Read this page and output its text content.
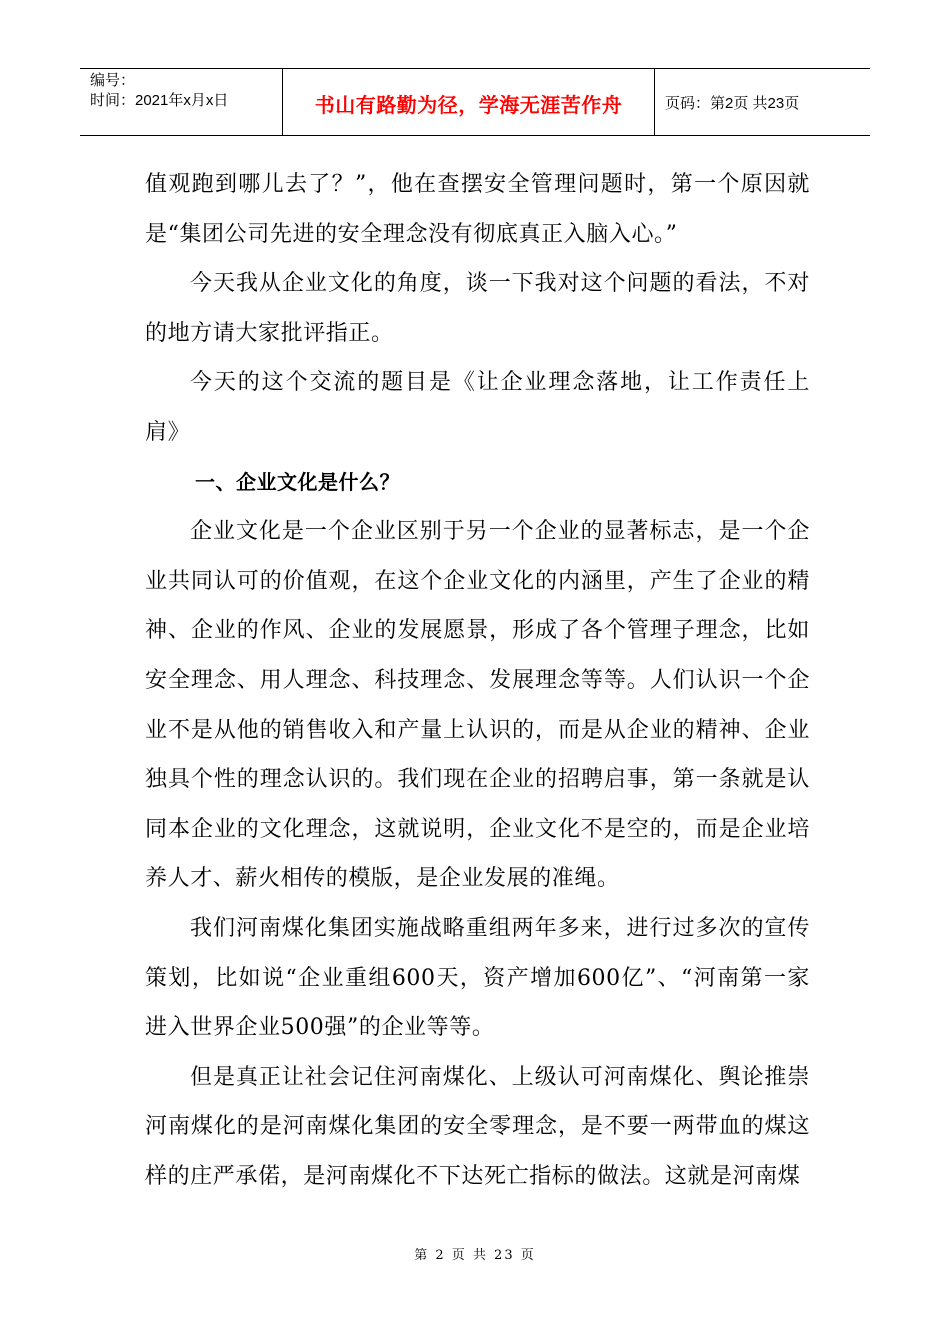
编号：
时间：2021年x月x日	书山有路勤为径，学海无涯苦作舟	页码：第2页 共23页

值观跑到哪儿去了？”，他在查摆安全管理问题时，第一个原因就是“集团公司先进的安全理念没有彻底真正入脑入心。”

今天我从企业文化的角度，谈一下我对这个问题的看法，不对的地方请大家批评指正。

今天的这个交流的题目是《让企业理念落地，让工作责任上肩》

一、企业文化是什么？

企业文化是一个企业区别于另一个企业的显著标志，是一个企业共同认可的价值观，在这个企业文化的内涵里，产生了企业的精神、企业的作风、企业的发展愿景，形成了各个管理子理念，比如安全理念、用人理念、科技理念、发展理念等等。人们认识一个企业不是从他的销售收入和产量上认识的，而是从企业的精神、企业独具个性的理念认识的。我们现在企业的招聘启事，第一条就是认同本企业的文化理念，这就说明，企业文化不是空的，而是企业培养人才、薪火相传的模版，是企业发展的准绳。

我们河南煤化集团实施战略重组两年多来，进行过多次的宣传策划，比如说“企业重组600天，资产增加600亿”、“河南第一家进入世界企业500强”的企业等等。

但是真正让社会记住河南煤化、上级认可河南煤化、舆论推崇河南煤化的是河南煤化集团的安全零理念，是不要一两带血的煤这样的庄严承偌，是河南煤化不下达死亡指标的做法。这就是河南煤

第 2 页 共 23 页
